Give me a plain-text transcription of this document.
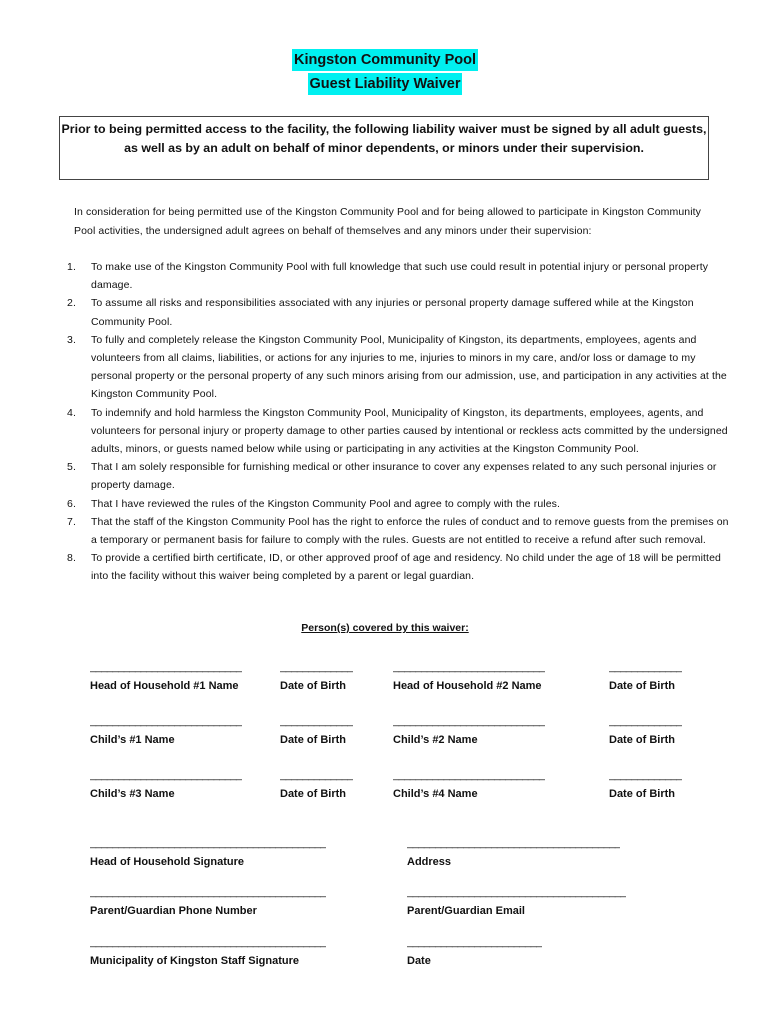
Kingston Community Pool
Guest Liability Waiver
Prior to being permitted access to the facility, the following liability waiver must be signed by all adult guests, as well as by an adult on behalf of minor dependents, or minors under their supervision.
In consideration for being permitted use of the Kingston Community Pool and for being allowed to participate in Kingston Community Pool activities, the undersigned adult agrees on behalf of themselves and any minors under their supervision:
1. To make use of the Kingston Community Pool with full knowledge that such use could result in potential injury or personal property damage.
2. To assume all risks and responsibilities associated with any injuries or personal property damage suffered while at the Kingston Community Pool.
3. To fully and completely release the Kingston Community Pool, Municipality of Kingston, its departments, employees, agents and volunteers from all claims, liabilities, or actions for any injuries to me, injuries to minors in my care, and/or loss or damage to my personal property or the personal property of any such minors arising from our admission, use, and participation in any activities at the Kingston Community Pool.
4. To indemnify and hold harmless the Kingston Community Pool, Municipality of Kingston, its departments, employees, agents, and volunteers for personal injury or property damage to other parties caused by intentional or reckless acts committed by the undersigned adults, minors, or guests named below while using or participating in any activities at the Kingston Community Pool.
5. That I am solely responsible for furnishing medical or other insurance to cover any expenses related to any such personal injuries or property damage.
6. That I have reviewed the rules of the Kingston Community Pool and agree to comply with the rules.
7. That the staff of the Kingston Community Pool has the right to enforce the rules of conduct and to remove guests from the premises on a temporary or permanent basis for failure to comply with the rules. Guests are not entitled to receive a refund after such removal.
8. To provide a certified birth certificate, ID, or other approved proof of age and residency. No child under the age of 18 will be permitted into the facility without this waiver being completed by a parent or legal guardian.
Person(s) covered by this waiver:
___________________________
Head of Household #1 Name
_____________
Date of Birth
___________________________
Head of Household #2 Name
_____________
Date of Birth
___________________________
Child’s #1 Name
_____________
Date of Birth
___________________________
Child’s #2 Name
_____________
Date of Birth
___________________________
Child’s #3 Name
_____________
Date of Birth
___________________________
Child’s #4 Name
_____________
Date of Birth
__________________________________________
Head of Household Signature
______________________________________
Address
__________________________________________
Parent/Guardian Phone Number
_______________________________________
Parent/Guardian Email
__________________________________________
Municipality of Kingston Staff Signature
________________________
Date
